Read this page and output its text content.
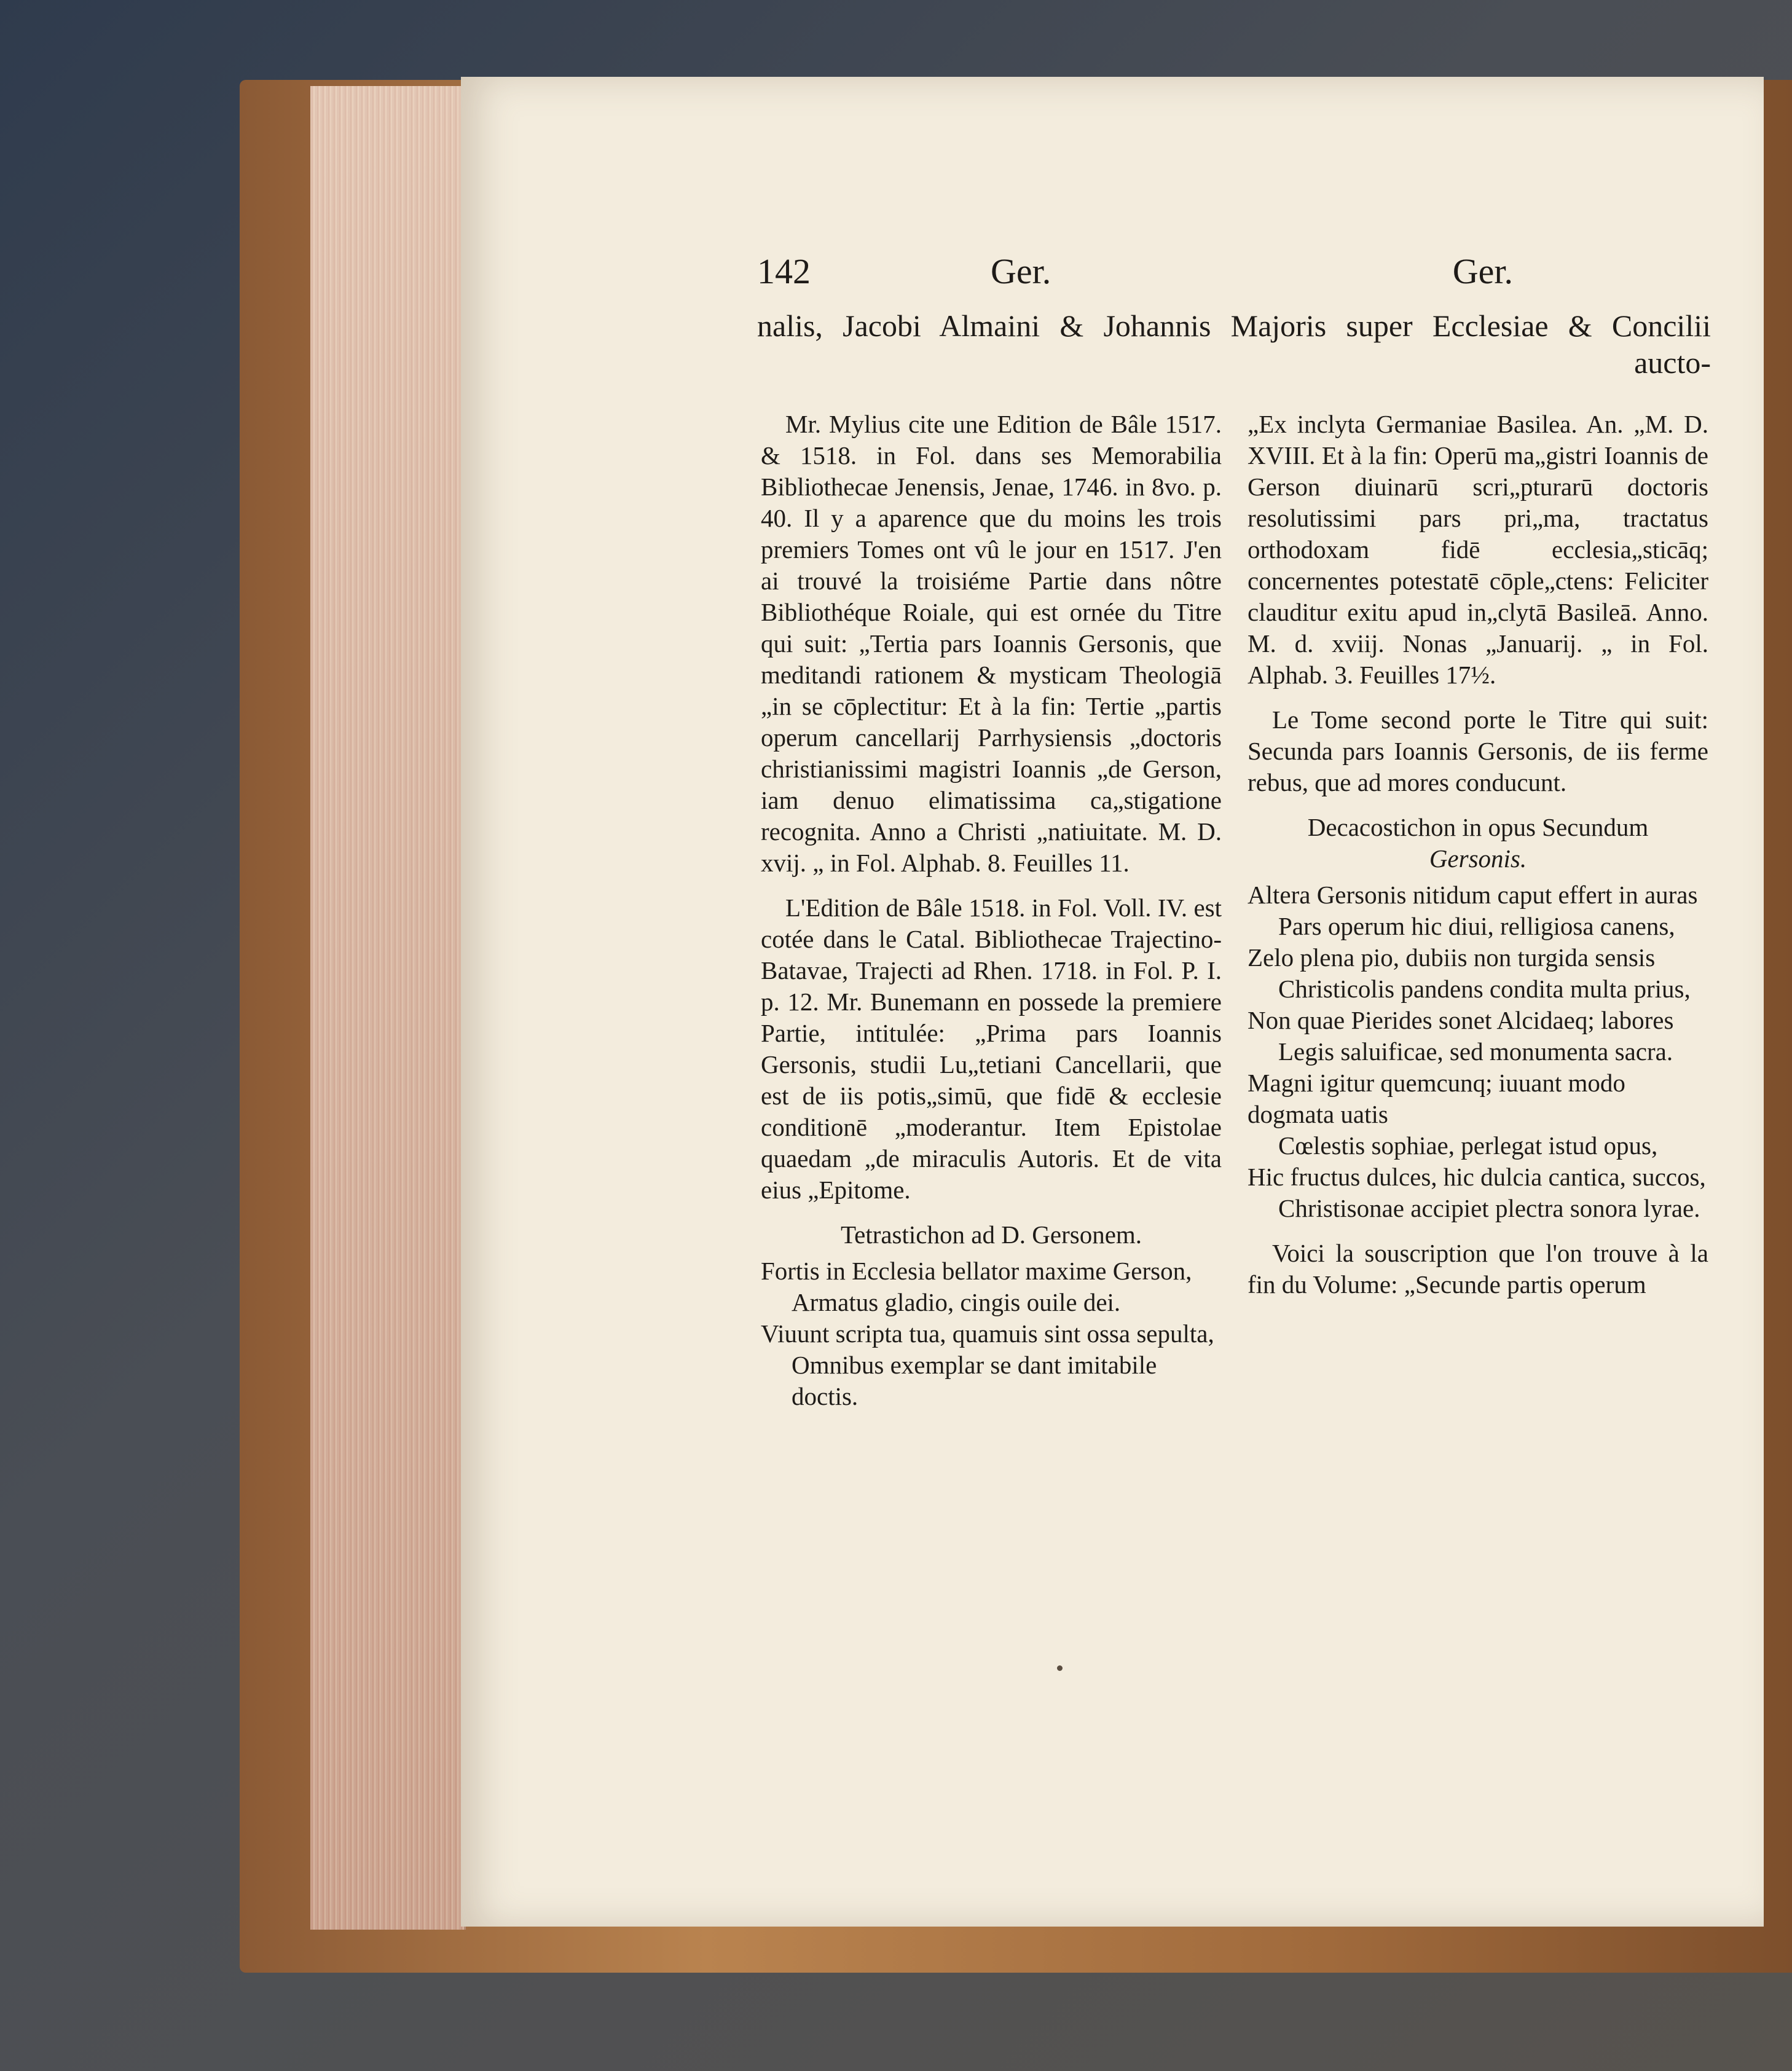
142	Ger.	Ger.
nalis, Jacobi Almaini & Johannis Majoris super Ecclesiae & Concilii
aucto-

Mr. Mylius cite une Edition de Bâle 1517. & 1518. in Fol. dans ses Memorabilia Bibliothecae Jenensis, Jenae, 1746. in 8vo. p. 40. Il y a aparence que du moins les trois premiers Tomes ont vû le jour en 1517. J'en ai trouvé la troisiéme Partie dans nôtre Bibliothéque Roiale, qui est ornée du Titre qui suit: „Tertia pars Ioannis Gersonis, que meditandi rationem & mysticam Theologiā „in se cōplectitur: Et à la fin: Tertie „partis operum cancellarij Parrhysiensis „doctoris christianissimi magistri Ioannis „de Gerson, iam denuo elimatissima ca„stigatione recognita. Anno a Christi „natiuitate. M. D. xvij. „ in Fol. Alphab. 8. Feuilles 11.

L'Edition de Bâle 1518. in Fol. Voll. IV. est cotée dans le Catal. Bibliothecae Trajectino-Batavae, Trajecti ad Rhen. 1718. in Fol. P. I. p. 12. Mr. Bunemann en possede la premiere Partie, intitulée: „Prima pars Ioannis Gersonis, studii Lu„tetiani Cancellarii, que est de iis potis„simū, que fidē & ecclesie conditionē „moderantur. Item Epistolae quaedam „de miraculis Autoris. Et de vita eius „Epitome.

Tetrastichon ad D. Gersonem.

Fortis in Ecclesia bellator maxime Gerson,
Armatus gladio, cingis ouile dei.
Viuunt scripta tua, quamuis sint ossa sepulta,
Omnibus exemplar se dant imitabile doctis.

„Ex inclyta Germaniae Basilea. An. „M. D. XVIII. Et à la fin: Operū ma„gistri Ioannis de Gerson diuinarū scri„pturarū doctoris resolutissimi pars pri„ma, tractatus orthodoxam fidē ecclesia„sticāq; concernentes potestatē cōple„ctens: Feliciter clauditur exitu apud in„clytā Basileā. Anno. M. d. xviij. Nonas „Januarij. „ in Fol. Alphab. 3. Feuilles 17½.

Le Tome second porte le Titre qui suit: Secunda pars Ioannis Gersonis, de iis ferme rebus, que ad mores conducunt.

Decacostichon in opus Secundum

Gersonis.

Altera Gersonis nitidum caput effert in auras
Pars operum hic diui, relligiosa canens,
Zelo plena pio, dubiis non turgida sensis
Christicolis pandens condita multa prius,
Non quae Pierides sonet Alcidaeq; labores
Legis saluificae, sed monumenta sacra.
Magni igitur quemcunq; iuuant modo dogmata uatis
Cœlestis sophiae, perlegat istud opus,
Hic fructus dulces, hic dulcia cantica, succos,
Christisonae accipiet plectra sonora lyrae.

Voici la souscription que l'on trouve à la fin du Volume: „Secunde partis operum
